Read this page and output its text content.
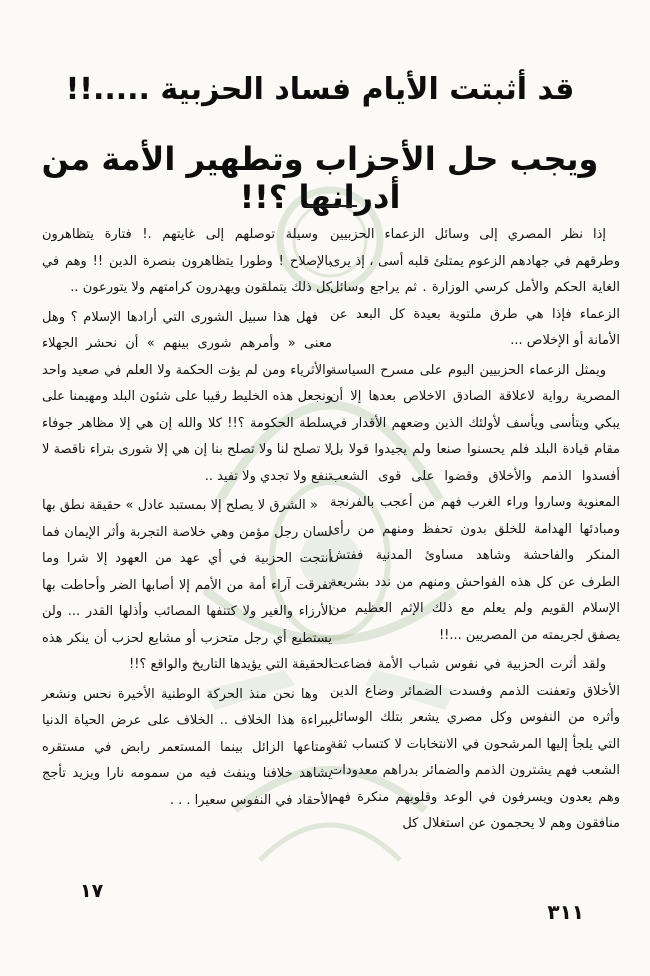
قد أثبتت الأيام فساد الحزبية .....!!
ويجب حل الأحزاب وتطهير الأمة من أدرانها ؟!!

إذا نظر المصري إلى وسائل الزعماء الحزبيين وطرقهم في جهادهم الزعوم يمتلئ قلبه أسى ، إذ يرى الغاية الحكم والأمل كرسي الوزارة . ثم يراجع وسائل الزعماء فإذا هي طرق ملتوية بعيدة كل البعد عن الأمانة أو الإخلاص ...

ويمثل الزعماء الحزبيين اليوم على مسرح السياسة المصرية رواية لاعلاقة الصادق الاخلاص بعدها إلا أن يبكي ويتأسى ويأسف لأولئك الذين وضعهم الأقدار في مقام قيادة البلد فلم يحسنوا صنعا ولم يجيدوا قولا بل أفسدوا الذمم والأخلاق وقضوا على قوى الشعب المعنوية وساروا وراء الغرب فهم من أعجب بالفرنجة ومبادئها الهدامة للخلق بدون تحفظ ومنهم من رأى المنكر والفاحشة وشاهد مساوئ المدنية ففتش الطرف عن كل هذه الفواحش ومنهم من ندد بشريعة الإسلام القويم ولم يعلم مع ذلك الإثم العظيم من يصفق لجريمته من المصريين ...!!

ولقد أثرت الحزبية في نفوس شباب الأمة فضاعت الأخلاق وتعفنت الذمم وفسدت الضمائر وضاع الدين وأثره من النفوس وكل مصري يشعر بتلك الوسائل التي يلجأ إليها المرشحون في الانتخابات لا كتساب ثقة الشعب فهم يشترون الذمم والضمائر بدراهم معدودات وهم يعدون ويسرفون في الوعد وقلوبهم منكرة فهم منافقون وهم لا يحجمون عن استغلال كل

وسيلة توصلهم إلى غايتهم .! فتارة يتظاهرون بالإصلاح ! وطورا يتظاهرون بنصرة الدين !! وهم في كل ذلك يتملقون ويهدرون كرامتهم ولا يتورعون ..

فهل هذا سبيل الشورى التي أرادها الإسلام ؟ وهل معنى « وأمرهم شورى بينهم » أن نحشر الجهلاء والأثرياء ومن لم يؤت الحكمة ولا العلم في صعيد واحد ونجعل هذه الخليط رقيبا على شئون البلد ومهيمنا على سلطة الحكومة ؟!! كلا والله إن هي إلا مظاهر جوفاء لا تصلح لنا ولا تصلح بنا إن هي إلا شورى بتراء ناقصة لا تنفع ولا تجدي ولا تفيد ..

« الشرق لا يصلح إلا بمستبد عادل » حقيقة نطق بها لسان رجل مؤمن وهي خلاصة التجربة وأثر الإيمان فما أنتجت الحزبية في أي عهد من العهود إلا شرا وما تفرقت آراء أمة من الأمم إلا أصابها الضر وأحاطت بها الأرزاء والغير ولا كتنفها المصائب وأذلها القدر ... ولن يستطيع أي رجل متحزب أو مشايع لحزب أن ينكر هذه الحقيقة التي يؤيدها التاريخ والواقع ؟!!

وها نحن منذ الحركة الوطنية الأخيرة نحس ونشعر ببراءة هذا الخلاف .. الخلاف على عرض الحياة الدنيا ومتاعها الزائل بينما المستعمر رابض في مستقره يشاهد خلافنا وينفث فيه من سمومه نارا ويزيد تأجج الأحقاد في النفوس سعيرا . . .

١٧
٣١١
